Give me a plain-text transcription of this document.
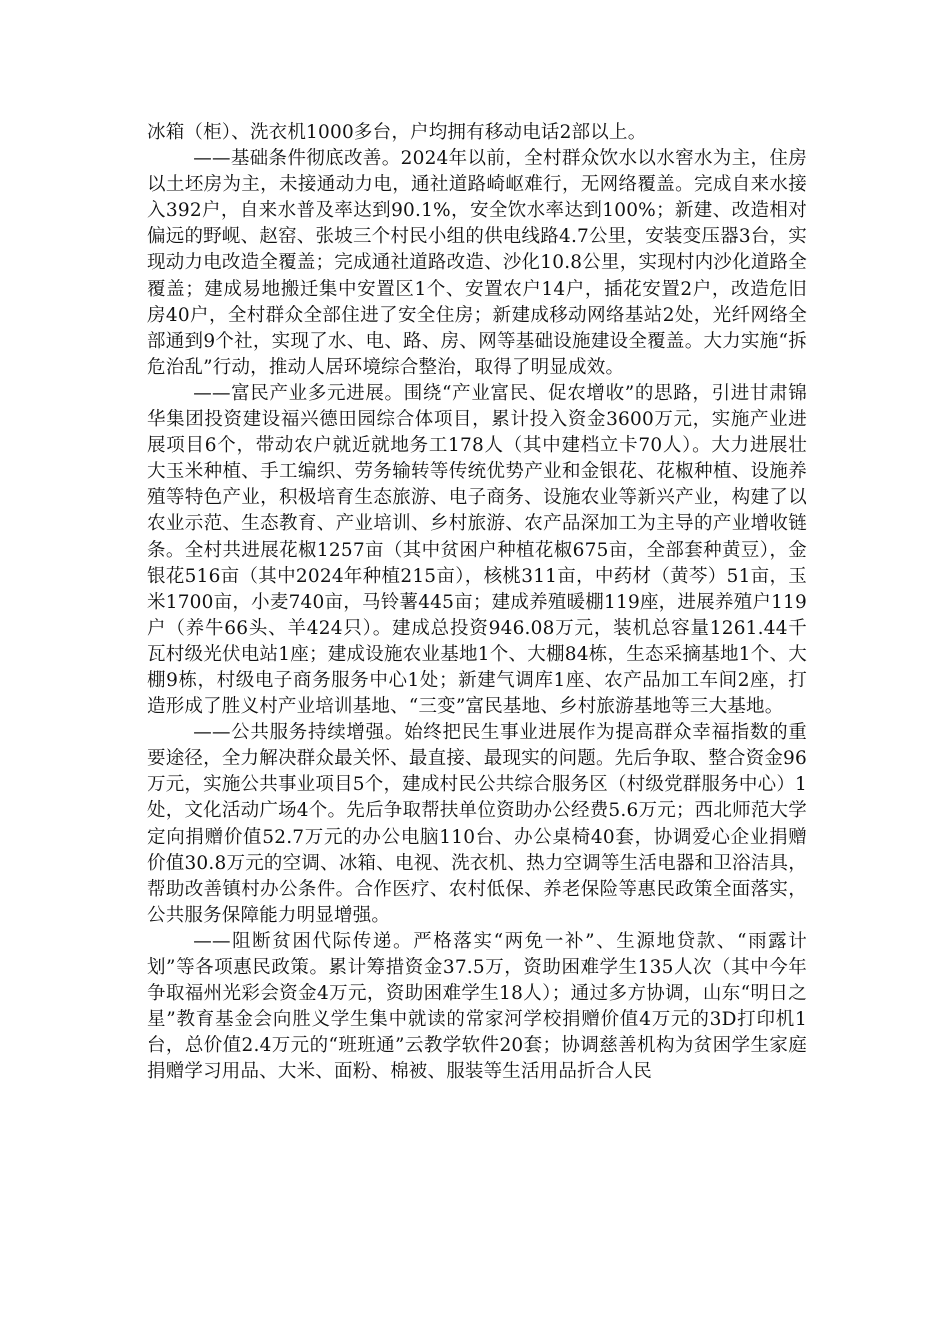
冰箱（柜）、洗衣机1000多台，户均拥有移动电话2部以上。

——基础条件彻底改善。2024年以前，全村群众饮水以水窖水为主，住房以土坯房为主，未接通动力电，通社道路崎岖难行，无网络覆盖。完成自来水接入392户，自来水普及率达到90.1%，安全饮水率达到100%；新建、改造相对偏远的野岘、赵窑、张坡三个村民小组的供电线路4.7公里，安装变压器3台，实现动力电改造全覆盖；完成通社道路改造、沙化10.8公里，实现村内沙化道路全覆盖；建成易地搬迁集中安置区1个、安置农户14户，插花安置2户，改造危旧房40户，全村群众全部住进了安全住房；新建成移动网络基站2处，光纤网络全部通到9个社，实现了水、电、路、房、网等基础设施建设全覆盖。大力实施“拆危治乱”行动，推动人居环境综合整治，取得了明显成效。

——富民产业多元进展。围绕“产业富民、促农增收”的思路，引进甘肃锦华集团投资建设福兴德田园综合体项目，累计投入资金3600万元，实施产业进展项目6个，带动农户就近就地务工178人（其中建档立卡70人）。大力进展壮大玉米种植、手工编织、劳务输转等传统优势产业和金银花、花椒种植、设施养殖等特色产业，积极培育生态旅游、电子商务、设施农业等新兴产业，构建了以农业示范、生态教育、产业培训、乡村旅游、农产品深加工为主导的产业增收链条。全村共进展花椒1257亩（其中贫困户种植花椒675亩，全部套种黄豆），金银花516亩（其中2024年种植215亩），核桃311亩，中药材（黄芩）51亩，玉米1700亩，小麦740亩，马铃薯445亩；建成养殖暖棚119座，进展养殖户119户（养牛66头、羊424只）。建成总投资946.08万元，装机总容量1261.44千瓦村级光伏电站1座；建成设施农业基地1个、大棚84栋，生态采摘基地1个、大棚9栋，村级电子商务服务中心1处；新建气调库1座、农产品加工车间2座，打造形成了胜义村产业培训基地、“三变”富民基地、乡村旅游基地等三大基地。

——公共服务持续增强。始终把民生事业进展作为提高群众幸福指数的重要途径，全力解决群众最关怀、最直接、最现实的问题。先后争取、整合资金96万元，实施公共事业项目5个，建成村民公共综合服务区（村级党群服务中心）1处，文化活动广场4个。先后争取帮扶单位资助办公经费5.6万元；西北师范大学定向捐赠价值52.7万元的办公电脑110台、办公桌椅40套，协调爱心企业捐赠价值30.8万元的空调、冰箱、电视、洗衣机、热力空调等生活电器和卫浴洁具，帮助改善镇村办公条件。合作医疗、农村低保、养老保险等惠民政策全面落实，公共服务保障能力明显增强。

——阻断贫困代际传递。严格落实“两免一补”、生源地贷款、“雨露计划”等各项惠民政策。累计筹措资金37.5万，资助困难学生135人次（其中今年争取福州光彩会资金4万元，资助困难学生18人）；通过多方协调，山东“明日之星”教育基金会向胜义学生集中就读的常家河学校捐赠价值4万元的3D打印机1台，总价值2.4万元的“班班通”云教学软件20套；协调慈善机构为贫困学生家庭捐赠学习用品、大米、面粉、棉被、服装等生活用品折合人民
